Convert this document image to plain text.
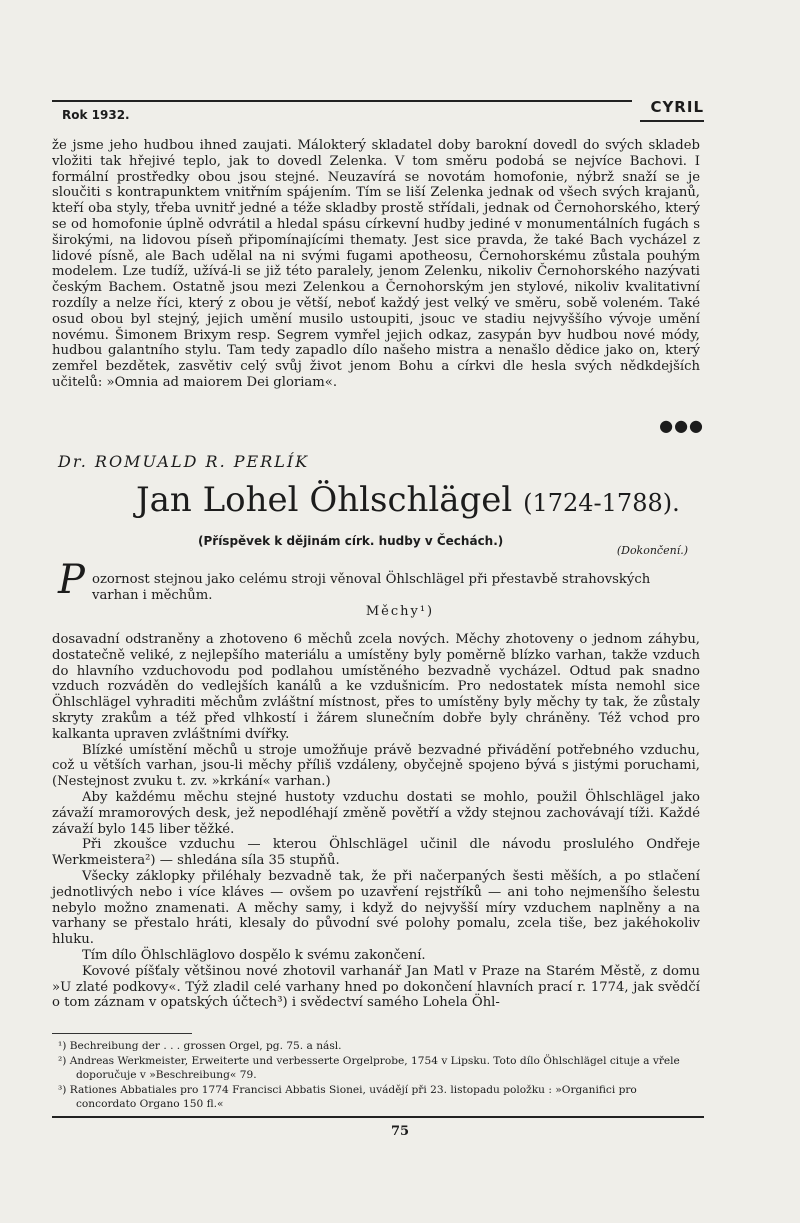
Rok 1932.	CYRIL

že jsme jeho hudbou ihned zaujati. Málokterý skladatel doby barokní dovedl do svých skladeb vložiti tak hřejivé teplo, jak to dovedl Zelenka. V tom směru podobá se nejvíce Bachovi. I formální prostředky obou jsou stejné. Neuzavírá se novotám homofonie, nýbrž snaží se je sloučiti s kontrapunktem vnitřním spájením. Tím se liší Zelenka jednak od všech svých krajanů, kteří oba styly, třeba uvnitř jedné a téže skladby prostě střídali, jednak od Černohorského, který se od homofonie úplně odvrátil a hledal spásu církevní hudby jediné v monumentálních fugách s širokými, na lidovou píseň připomínajícími thematy. Jest sice pravda, že také Bach vycházel z lidové písně, ale Bach udělal na ni svými fugami apotheosu, Černohorskému zůstala pouhým modelem. Lze tudíž, užívá-li se již této paralely, jenom Zelenku, nikoliv Černohorského nazývati českým Bachem. Ostatně jsou mezi Zelenkou a Černohorským jen stylové, nikoliv kvalitativní rozdíly a nelze říci, který z obou je větší, neboť každý jest velký ve směru, sobě voleném. Také osud obou byl stejný, jejich umění musilo ustoupiti, jsouc ve stadiu nejvyššího vývoje umění novému. Šimonem Brixym resp. Segrem vymřel jejich odkaz, zasypán byv hudbou nové módy, hudbou galantního stylu. Tam tedy zapadlo dílo našeho mistra a nenašlo dědice jako on, který zemřel bezdětek, zasvětiv celý svůj život jenom Bohu a církvi dle hesla svých nědkdejších učitelů: »Omnia ad maiorem Dei gloriam«.

●●●
Dr. ROMUALD R. PERLÍK
Jan Lohel Öhlschlägel (1724-1788).
(Příspěvek k dějinám círk. hudby v Čechách.)
(Dokončení.)
P ozornost stejnou jako celému stroji věnoval Öhlschlägel při přestavbě strahovských

varhan i měchům.

Měchy¹)

dosavadní odstraněny a zhotoveno 6 měchů zcela nových. Měchy zhotoveny o jednom záhybu, dostatečně veliké, z nejlepšího materiálu a umístěny byly poměrně blízko varhan, takže vzduch do hlavního vzduchovodu pod podlahou umístěného bezvadně vycházel. Odtud pak snadno vzduch rozváděn do vedlejších kanálů a ke vzdušnicím. Pro nedostatek místa nemohl sice Öhlschlägel vyhraditi měchům zvláštní místnost, přes to umístěny byly měchy ty tak, že zůstaly skryty zrakům a též před vlhkostí i žárem slunečním dobře byly chráněny. Též vchod pro kalkanta upraven zvláštními dvířky.

Blízké umístění měchů u stroje umožňuje právě bezvadné přivádění potřebného vzduchu, což u větších varhan, jsou-li měchy příliš vzdáleny, obyčejně spojeno bývá s jistými poruchami, (Nestejnost zvuku t. zv. »krkání« varhan.)

Aby každému měchu stejné hustoty vzduchu dostati se mohlo, použil Öhlschlägel jako závaží mramorových desk, jež nepodléhají změně povětří a vždy stejnou zachovávají tíži. Každé závaží bylo 145 liber těžké.

Při zkoušce vzduchu — kterou Öhlschlägel učinil dle návodu proslulého Ondřeje Werkmeistera²) — shledána síla 35 stupňů.

Všecky záklopky přiléhaly bezvadně tak, že při načerpaných šesti měších, a po stlačení jednotlivých nebo i více kláves — ovšem po uzavření rejstříků — ani toho nejmenšího šelestu nebylo možno znamenati. A měchy samy, i když do nejvyšší míry vzduchem naplněny a na varhany se přestalo hráti, klesaly do původní své polohy pomalu, zcela tiše, bez jakéhokoliv hluku.

Tím dílo Öhlschläglovo dospělo k svému zakončení.

Kovové píšťaly většinou nové zhotovil varhanář Jan Matl v Praze na Starém Městě, z domu »U zlaté podkovy«. Týž zladil celé varhany hned po dokončení hlavních prací r. 1774, jak svědčí o tom záznam v opatských účtech³) i svědectví samého Lohela Öhl-

¹) Bechreibung der . . . grossen Orgel, pg. 75. a násl.

²) Andreas Werkmeister, Erweiterte und verbesserte Orgelprobe, 1754 v Lipsku. Toto dílo Öhlschlägel cituje a vřele doporučuje v »Beschreibung« 79.

³) Rationes Abbatiales pro 1774 Francisci Abbatis Sionei, uvádějí při 23. listopadu položku : »Organifici pro concordato Organo 150 fl.«

75
